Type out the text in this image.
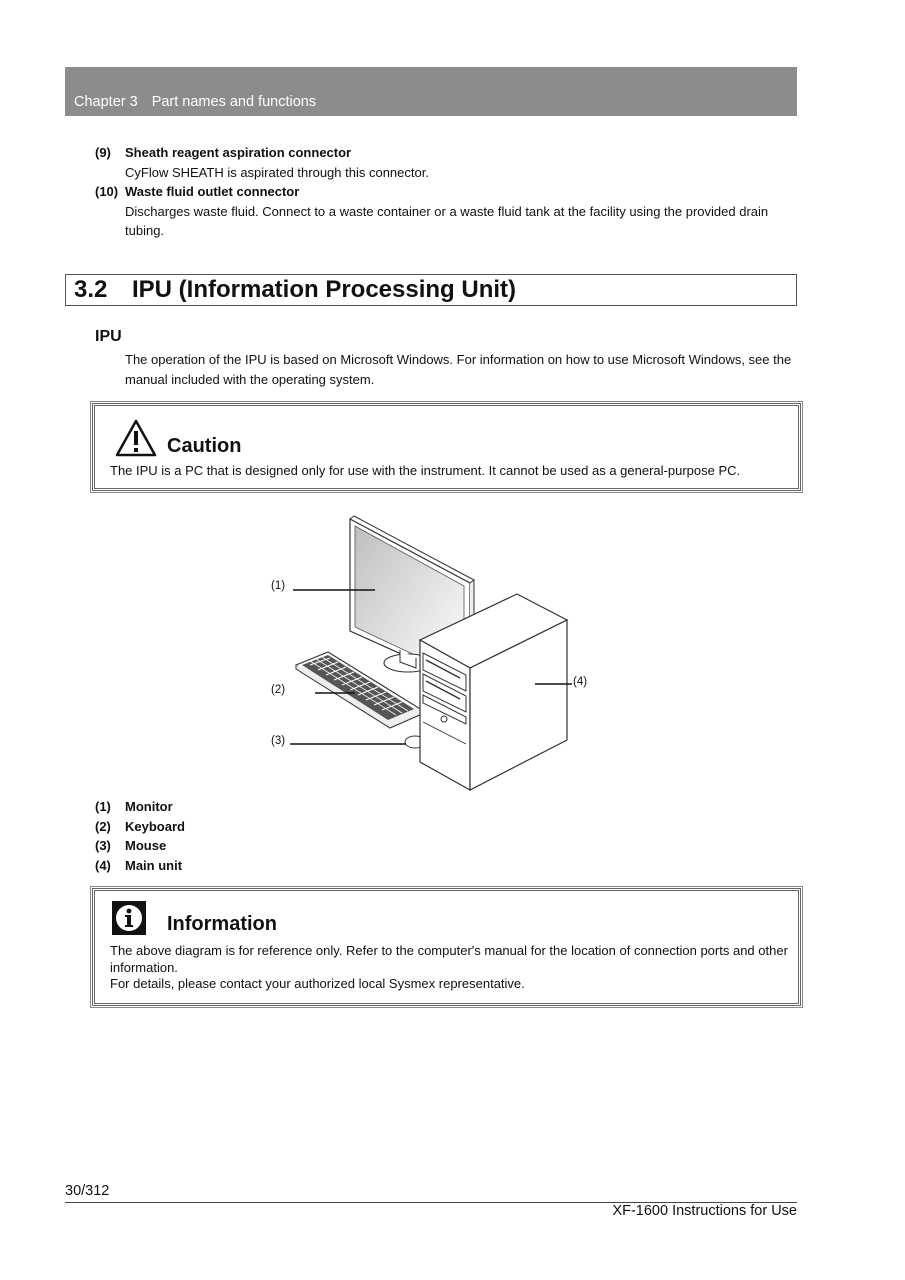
Chapter 3 Part names and functions
(9)	Sheath reagent aspiration connector
CyFlow SHEATH is aspirated through this connector.
(10) Waste fluid outlet connector
Discharges waste fluid. Connect to a waste container or a waste fluid tank at the facility using the provided drain tubing.
3.2 IPU (Information Processing Unit)
IPU
The operation of the IPU is based on Microsoft Windows. For information on how to use Microsoft Windows, see the manual included with the operating system.
Caution
The IPU is a PC that is designed only for use with the instrument. It cannot be used as a general-purpose PC.
(1)
(2)
(3)
(4)
(1)	Monitor
(2)	Keyboard
(3)	Mouse
(4)	Main unit
Information
The above diagram is for reference only. Refer to the computer's manual for the location of connection ports and other information.
For details, please contact your authorized local Sysmex representative.
30/312
XF-1600 Instructions for Use
